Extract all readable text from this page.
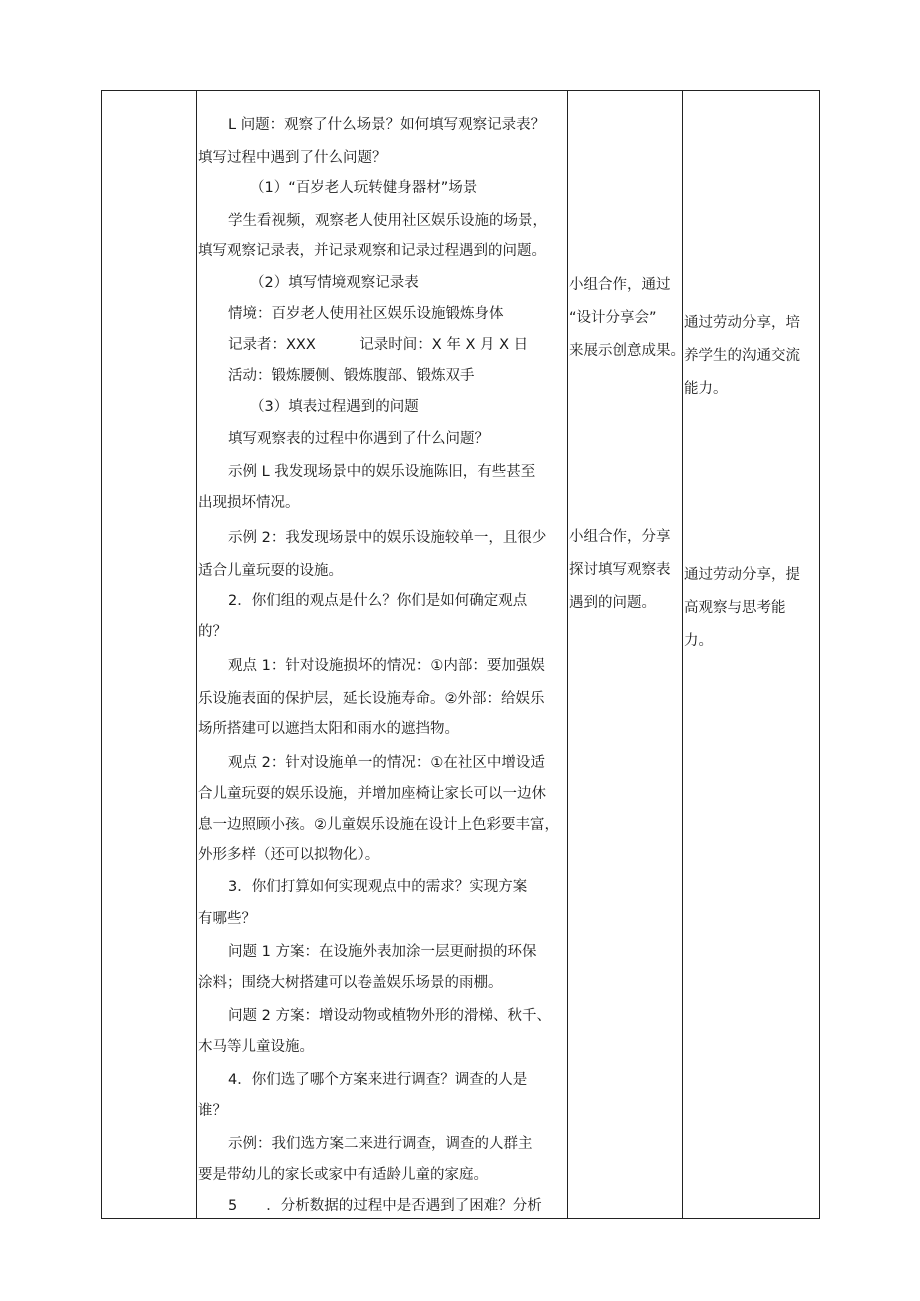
L 问题：观察了什么场景？如何填写观察记录表？
填写过程中遇到了什么问题？
（1）“百岁老人玩转健身器材”场景
学生看视频，观察老人使用社区娱乐设施的场景，
填写观察记录表，并记录观察和记录过程遇到的问题。
（2）填写情境观察记录表
情境：百岁老人使用社区娱乐设施锻炼身体
记录者：XXX　　　记录时间：X 年 X 月 X 日
活动：锻炼腰侧、锻炼腹部、锻炼双手
（3）填表过程遇到的问题
填写观察表的过程中你遇到了什么问题？
示例 L 我发现场景中的娱乐设施陈旧，有些甚至
出现损坏情况。
示例 2：我发现场景中的娱乐设施较单一，且很少
适合儿童玩耍的设施。
2．你们组的观点是什么？你们是如何确定观点
的？
观点 1：针对设施损坏的情况：①内部：要加强娱
乐设施表面的保护层，延长设施寿命。②外部：给娱乐
场所搭建可以遮挡太阳和雨水的遮挡物。
观点 2：针对设施单一的情况：①在社区中增设适
合儿童玩耍的娱乐设施，并增加座椅让家长可以一边休
息一边照顾小孩。②儿童娱乐设施在设计上色彩要丰富，
外形多样（还可以拟物化）。
3．你们打算如何实现观点中的需求？实现方案
有哪些？
问题 1 方案：在设施外表加涂一层更耐损的环保
涂料；围绕大树搭建可以卷盖娱乐场景的雨棚。
问题 2 方案：增设动物或植物外形的滑梯、秋千、
木马等儿童设施。
4．你们选了哪个方案来进行调查？调查的人是
谁？
示例：我们选方案二来进行调查，调查的人群主
要是带幼儿的家长或家中有适龄儿童的家庭。
5　　．分析数据的过程中是否遇到了困难？分析
小组合作，通过
“设计分享会”
来展示创意成果。
小组合作，分享
探讨填写观察表
遇到的问题。
通过劳动分享，培
养学生的沟通交流
能力。
通过劳动分享，提
高观察与思考能
力。
